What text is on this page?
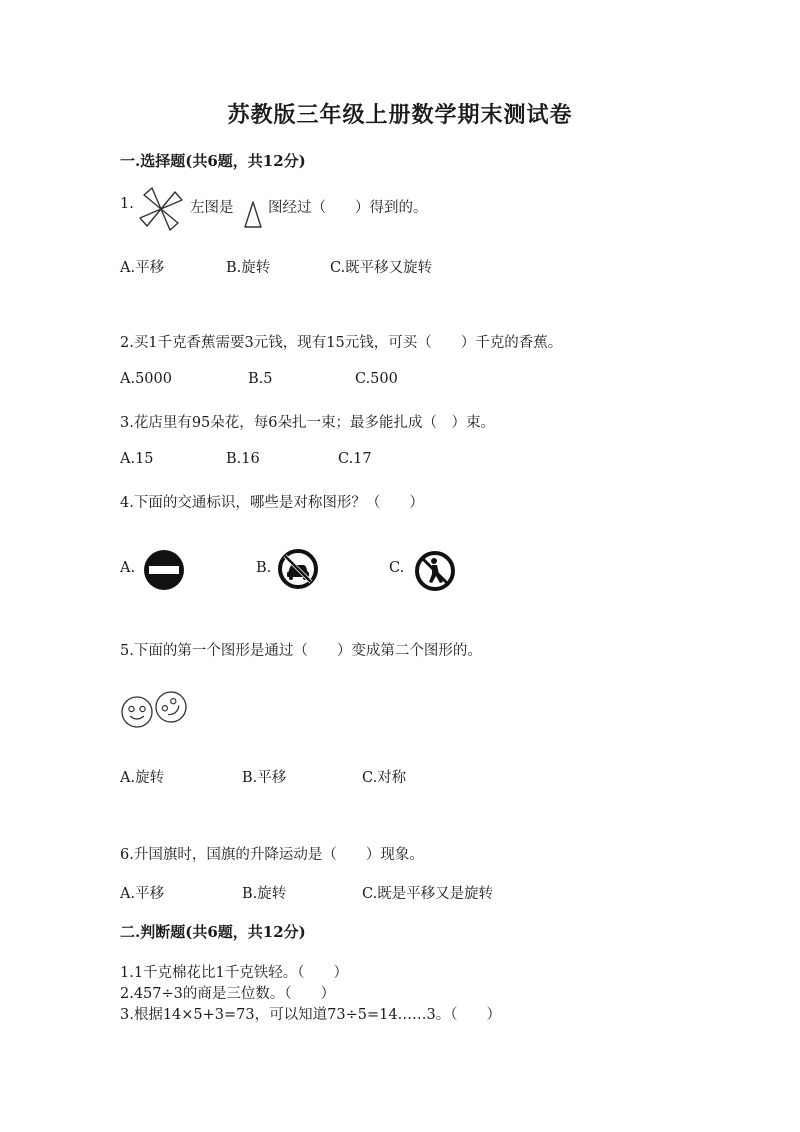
苏教版三年级上册数学期末测试卷
一.选择题(共6题，共12分)
1.	左图是 图经过（　　）得到的。
A.平移	B.旋转	C.既平移又旋转
2.买1千克香蕉需要3元钱，现有15元钱，可买（　　）千克的香蕉。
A.5000	B.5	C.500
3.花店里有95朵花，每6朵扎一束；最多能扎成（　）束。
A.15	B.16	C.17
4.下面的交通标识，哪些是对称图形？（　　）
A.	B.	C.
5.下面的第一个图形是通过（　　）变成第二个图形的。
A.旋转	B.平移	C.对称
6.升国旗时，国旗的升降运动是（　　）现象。
A.平移	B.旋转	C.既是平移又是旋转
二.判断题(共6题，共12分)
1.1千克棉花比1千克铁轻。（　　）
2.457÷3的商是三位数。（　　）
3.根据14×5+3=73，可以知道73÷5=14……3。（　　）
